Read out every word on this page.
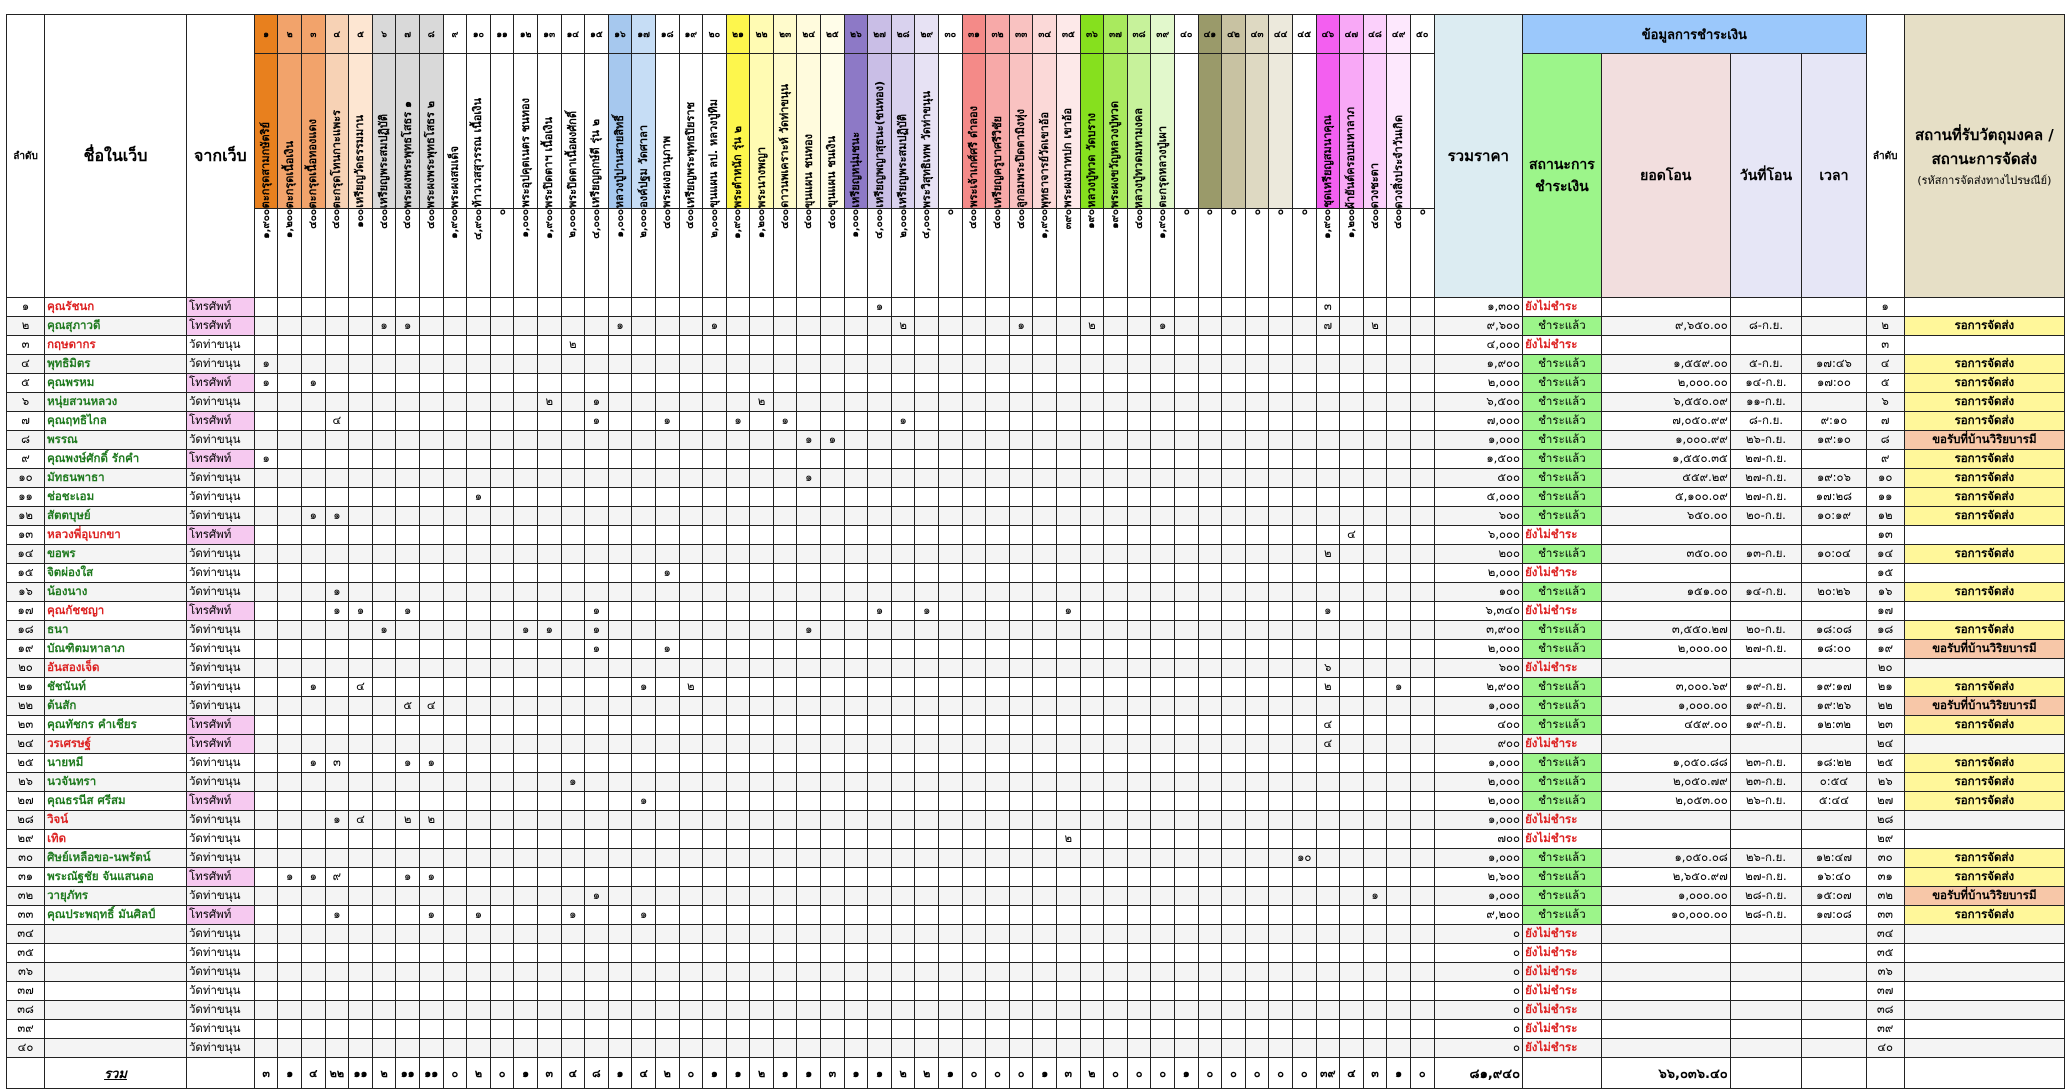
ลำดับ	ชื่อในเว็บ	จากเว็บ	๑	๒	๓	๔	๕	๖	๗	๘	๙	๑๐	๑๑	๑๒	๑๓	๑๔	๑๕	๑๖	๑๗	๑๘	๑๙	๒๐	๒๑	๒๒	๒๓	๒๔	๒๕	๒๖	๒๗	๒๘	๒๙	๓๐	๓๑	๓๒	๓๓	๓๔	๓๕	๓๖	๓๗	๓๘	๓๙	๔๐	๔๑	๔๒	๔๓	๔๔	๔๕	๔๖	๔๗	๔๘	๔๙	๕๐	รวมราคา	ข้อมูลการชำระเงิน				ลำดับ	สถานที่รับวัตถุมงคล / สถานะการจัดส่ง
(รหัสการจัดส่งทางไปรษณีย์)

			ตะกรุดสามกษัตริย์	ตะกรุดเนื้อเงิน	ตะกรุดเนื้อทองแดง	ตะกรุดโทนกาะแพะร	เหรียญวัดธรรมมาน	เหรียญพระสมปฏิบัติ	พระผงพระพุทธโสธร ๑	พระผงพระพุทธโสธร ๒	พระผงสมเด็จ	ท้าวเวสสุวรรณ เนื้อเงิน		พระอุปคุตเนตร ชนทอง	พระปิดตาฯ เนื้อเงิน	พระปิดตาเนื้อผงศักดิ์	เหรียญฤกษ์ดี รุ่น ๒	หลวงปู่ปานสายสิทธิ์	องค์ปฐม วัดศาลา	พระผงอานุภาพ	เหรียญพระพุทธปิยราช	ขุนแผน ลป. หลวงปู่ทิม	พระตำหนัก รุ่น ๒	พระนางพญา	ดาวนพเคราะห์ วัดท่าขนุน	ขุนแผน ชนทอง	ขุนแผน ชนเงิน	เหรียญหนุ่มชนะ	เหรียญพญาสุธนะ(ชนทอง)	เหรียญพระสมปฏิบัติ	พระวิสุทธิเทพ วัดท่าขนุน		พระเจ้าเกศ์ศรี ดำลอง	เหรียญครูบาศรีวิชัย	ลูกอมพระปิดตามิงหุ่ง	พุทธาจารย์วัดเขาอ้อ	พระผงมาทปก เขาอ้อ	หลวงปู่ทวด วัดบราง	พระผงขวัญหลวงปู่ทวด	หลวงปู่ทวดมหามงคล	ตะกรุดหลวงปู่เผา							ชุดเหรียญสมนาคุณ	ผ้ายันต์ครอบมหาลาภ	ดวงชะตา	ดวงสิ่งประจำวันเกิด			สถานะการชำระเงิน	ยอดโอน	วันที่โอน	เวลา		

			๑,๙๐๐	๑,๒๐๐	๔๐๐	๔๐๐	๑๐๐	๔๐๐	๔๐๐	๔๐๐	๑,๙๐๐	๔,๙๐๐	๐	๑,๐๐๐	๑,๙๐๐	๒,๐๐๐	๔,๐๐๐	๑,๐๐๐	๒,๐๐๐	๔๐๐	๔๐๐	๒,๐๐๐	๑,๙๐๐	๑,๒๐๐	๔๐๐	๔๐๐	๔๐๐	๑,๐๐๐	๔,๐๐๐	๒,๐๐๐	๔,๐๐๐	๐	๔๐๐	๔๐๐	๔๐๐	๑,๙๐๐	๓๙๐	๑๙๐	๑๙๐	๔๐๐	๑,๙๐๐	๐	๐	๐	๐	๐	๐	๑,๙๐๐	๑,๒๐๐	๔๐๐	๔๐๐	๐							

๑	คุณรัชนก	โทรศัพท์																											๑																			๓					๑,๓๐๐	ยังไม่ชำระ				๑	
๒	คุณสุภาวดี	โทรศัพท์						๑	๑									๑				๑								๒					๑			๒			๑							๗		๒			๙,๖๐๐	ชำระแล้ว	๙,๖๕๐.๐๐	๘-ก.ย.		๒	รอการจัดส่ง
๓	กฤษดากร	วัดท่าขนุน														๒																																					๔,๐๐๐	ยังไม่ชำระ				๓	
๔	พุทธิมิตร	วัดท่าขนุน	๑																																																		๑,๙๐๐	ชำระแล้ว	๑,๕๕๙.๐๐	๕-ก.ย.	๑๗:๔๖	๔	รอการจัดส่ง
๕	คุณพรหม	โทรศัพท์	๑		๑																																																๒,๐๐๐	ชำระแล้ว	๒,๐๐๐.๐๐	๑๔-ก.ย.	๑๗:๐๐	๕	รอการจัดส่ง
๖	หนุ่ยสวนหลวง	วัดท่าขนุน													๒		๑							๒																													๖,๕๐๐	ชำระแล้ว	๖,๕๕๐.๐๙	๑๑-ก.ย.		๖	รอการจัดส่ง
๗	คุณฤทธิไกล	โทรศัพท์				๔											๑			๑			๑		๑					๑																							๗,๐๐๐	ชำระแล้ว	๗,๐๕๐.๙๙	๘-ก.ย.	๙:๑๐	๗	รอการจัดส่ง
๘	พรรณ	วัดท่าขนุน																								๑	๑																										๑,๐๐๐	ชำระแล้ว	๑,๐๐๐.๙๙	๒๖-ก.ย.	๑๙:๑๐	๘	ขอรับที่บ้านวิริยบารมี
๙	คุณพงษ์ศักดิ์ รักคำ	โทรศัพท์	๑																																																		๑,๕๐๐	ชำระแล้ว	๑,๕๕๐.๓๕	๒๗-ก.ย.		๙	รอการจัดส่ง
๑๐	มัทธนพาธา	วัดท่าขนุน																								๑																											๕๐๐	ชำระแล้ว	๕๕๙.๒๙	๒๗-ก.ย.	๑๙:๐๖	๑๐	รอการจัดส่ง
๑๑	ช่อชะเอม	วัดท่าขนุน										๑																																									๕,๐๐๐	ชำระแล้ว	๕,๑๐๐.๐๙	๒๗-ก.ย.	๑๗:๒๘	๑๑	รอการจัดส่ง
๑๒	สัตตบุษย์	วัดท่าขนุน			๑	๑																																															๖๐๐	ชำระแล้ว	๖๕๐.๐๐	๒๐-ก.ย.	๑๐:๑๙	๑๒	รอการจัดส่ง
๑๓	หลวงพี่อุเบกขา	โทรศัพท์																																															๔				๖,๐๐๐	ยังไม่ชำระ				๑๓	
๑๔	ขอพร	วัดท่าขนุน																																														๒					๒๐๐	ชำระแล้ว	๓๕๐.๐๐	๑๓-ก.ย.	๑๐:๐๔	๑๔	รอการจัดส่ง
๑๕	จิตผ่องใส	วัดท่าขนุน																		๑																																	๒,๐๐๐	ยังไม่ชำระ				๑๕	
๑๖	น้องนาง	วัดท่าขนุน				๑																																															๑๐๐	ชำระแล้ว	๑๕๑.๐๐	๑๔-ก.ย.	๒๐:๒๖	๑๖	รอการจัดส่ง
๑๗	คุณกัชชญา	โทรศัพท์				๑	๑		๑								๑												๑		๑						๑											๑					๖,๓๔๐	ยังไม่ชำระ				๑๗	
๑๘	ธนา	วัดท่าขนุน						๑						๑	๑		๑									๑																											๓,๙๐๐	ชำระแล้ว	๓,๕๕๐.๒๗	๒๐-ก.ย.	๑๘:๐๘	๑๘	รอการจัดส่ง
๑๙	บัณฑิตมหาลาภ	วัดท่าขนุน															๑			๑																																	๒,๐๐๐	ชำระแล้ว	๒,๐๐๐.๐๐	๒๗-ก.ย.	๑๘:๐๐	๑๙	ขอรับที่บ้านวิริยบารมี
๒๐	อันสองเจ็ด	วัดท่าขนุน																																														๖					๖๐๐	ยังไม่ชำระ				๒๐	
๒๑	ชัชนันท์	วัดท่าขนุน			๑		๔												๑		๒																											๒			๑		๒,๙๐๐	ชำระแล้ว	๓,๐๐๐.๖๙	๑๙-ก.ย.	๑๙:๑๗	๒๑	รอการจัดส่ง
๒๒	ต้นสัก	วัดท่าขนุน							๕	๔																																											๑,๐๐๐	ชำระแล้ว	๑,๐๐๐.๐๐	๑๙-ก.ย.	๑๙:๒๖	๒๒	ขอรับที่บ้านวิริยบารมี
๒๓	คุณทัชกร คำเชียร	โทรศัพท์																																														๔					๔๐๐	ชำระแล้ว	๔๕๙.๐๐	๑๙-ก.ย.	๑๒:๓๒	๒๓	รอการจัดส่ง
๒๔	วรเศรษฐ์	โทรศัพท์																																														๔					๙๐๐	ยังไม่ชำระ				๒๔	
๒๕	นายหมี	วัดท่าขนุน			๑	๓			๑	๑																																											๑,๐๐๐	ชำระแล้ว	๑,๐๕๐.๘๘	๒๓-ก.ย.	๑๘:๒๒	๒๕	รอการจัดส่ง
๒๖	นวจันทรา	วัดท่าขนุน														๑																																					๒,๐๐๐	ชำระแล้ว	๒,๐๕๐.๗๙	๒๓-ก.ย.	๐:๕๔	๒๖	รอการจัดส่ง
๒๗	คุณธรนีส ศรีสม	โทรศัพท์																	๑																																		๒,๐๐๐	ชำระแล้ว	๒,๐๕๓.๐๐	๒๖-ก.ย.	๕:๔๔	๒๗	รอการจัดส่ง
๒๘	วิจน์	วัดท่าขนุน				๑	๔		๒	๒																																											๑,๐๐๐	ยังไม่ชำระ				๒๘	
๒๙	เทิด	วัดท่าขนุน																																			๒																๗๐๐	ยังไม่ชำระ				๒๙	
๓๐	ศิษย์เหลือขอ-นพรัตน์	วัดท่าขนุน																																													๑๐						๑,๐๐๐	ชำระแล้ว	๑,๐๕๐.๐๘	๒๖-ก.ย.	๑๒:๔๗	๓๐	รอการจัดส่ง
๓๑	พระณัฐชัย จันแสนดอ	โทรศัพท์		๑	๑	๙			๑	๑																																											๒,๖๐๐	ชำระแล้ว	๒,๖๕๐.๙๗	๒๗-ก.ย.	๑๖:๔๐	๓๑	รอการจัดส่ง
๓๒	วายุภัทร	วัดท่าขนุน															๑																																	๑			๑,๐๐๐	ชำระแล้ว	๑,๐๐๐.๐๐	๒๘-ก.ย.	๑๕:๐๗	๓๒	ขอรับที่บ้านวิริยบารมี
๓๓	คุณประพฤทธิ์ มันศิลป์	โทรศัพท์				๑				๑		๑				๑			๑																																		๙,๒๐๐	ชำระแล้ว	๑๐,๐๐๐.๐๐	๒๘-ก.ย.	๑๗:๐๘	๓๓	รอการจัดส่ง
๓๔		วัดท่าขนุน																																																			๐	ยังไม่ชำระ				๓๔	
๓๕		วัดท่าขนุน																																																			๐	ยังไม่ชำระ				๓๕	
๓๖		วัดท่าขนุน																																																			๐	ยังไม่ชำระ				๓๖	
๓๗		วัดท่าขนุน																																																			๐	ยังไม่ชำระ				๓๗	
๓๘		วัดท่าขนุน																																																			๐	ยังไม่ชำระ				๓๘	
๓๙		วัดท่าขนุน																																																			๐	ยังไม่ชำระ				๓๙	
๔๐		วัดท่าขนุน																																																			๐	ยังไม่ชำระ				๔๐	
	รวม		๓	๑	๔	๒๒	๑๑	๒	๑๑	๑๑	๐	๒	๐	๑	๓	๔	๘	๑	๔	๒	๐	๑	๑	๒	๑	๑	๓	๑	๑	๒	๒	๑	๐	๐	๐	๑	๓	๒	๐	๐	๐	๑	๐	๐	๐	๐	๐	๓๙	๔	๓	๑	๐	๘๑,๙๔๐		๖๖,๐๓๖.๔๐				
